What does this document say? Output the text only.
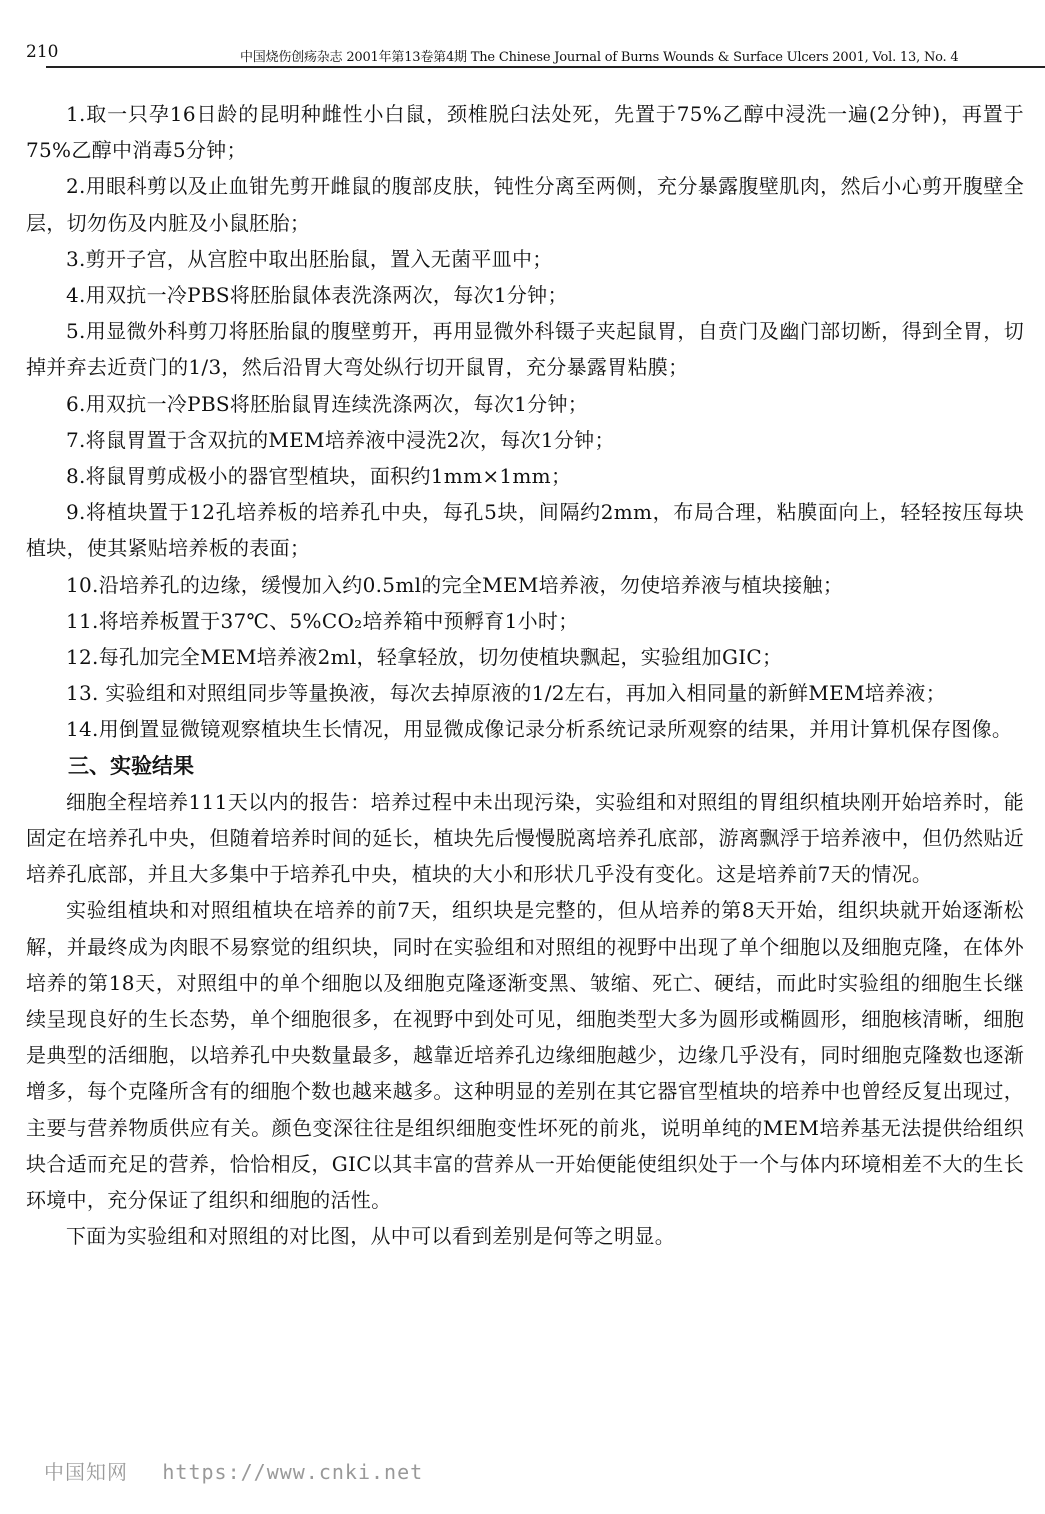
210	中国烧伤创疡杂志 2001年第13卷第4期 The Chinese Journal of Burns Wounds & Surface Ulcers 2001, Vol. 13, No. 4

1.取一只孕16日龄的昆明种雌性小白鼠，颈椎脱臼法处死，先置于75%乙醇中浸洗一遍(2分钟)，再置于75%乙醇中消毒5分钟；

2.用眼科剪以及止血钳先剪开雌鼠的腹部皮肤，钝性分离至两侧，充分暴露腹壁肌肉，然后小心剪开腹壁全层，切勿伤及内脏及小鼠胚胎；

3.剪开子宫，从宫腔中取出胚胎鼠，置入无菌平皿中；

4.用双抗一冷PBS将胚胎鼠体表洗涤两次，每次1分钟；

5.用显微外科剪刀将胚胎鼠的腹壁剪开，再用显微外科镊子夹起鼠胃，自贲门及幽门部切断，得到全胃，切掉并弃去近贲门的1/3，然后沿胃大弯处纵行切开鼠胃，充分暴露胃粘膜；

6.用双抗一冷PBS将胚胎鼠胃连续洗涤两次，每次1分钟；

7.将鼠胃置于含双抗的MEM培养液中浸洗2次，每次1分钟；

8.将鼠胃剪成极小的器官型植块，面积约1mm×1mm；

9.将植块置于12孔培养板的培养孔中央，每孔5块，间隔约2mm，布局合理，粘膜面向上，轻轻按压每块植块，使其紧贴培养板的表面；

10.沿培养孔的边缘，缓慢加入约0.5ml的完全MEM培养液，勿使培养液与植块接触；

11.将培养板置于37℃、5%CO₂培养箱中预孵育1小时；

12.每孔加完全MEM培养液2ml，轻拿轻放，切勿使植块飘起，实验组加GIC；

13. 实验组和对照组同步等量换液，每次去掉原液的1/2左右，再加入相同量的新鲜MEM培养液；

14.用倒置显微镜观察植块生长情况，用显微成像记录分析系统记录所观察的结果，并用计算机保存图像。

三、实验结果

细胞全程培养111天以内的报告：培养过程中未出现污染，实验组和对照组的胃组织植块刚开始培养时，能固定在培养孔中央，但随着培养时间的延长，植块先后慢慢脱离培养孔底部，游离飘浮于培养液中，但仍然贴近培养孔底部，并且大多集中于培养孔中央，植块的大小和形状几乎没有变化。这是培养前7天的情况。

实验组植块和对照组植块在培养的前7天，组织块是完整的，但从培养的第8天开始，组织块就开始逐渐松解，并最终成为肉眼不易察觉的组织块，同时在实验组和对照组的视野中出现了单个细胞以及细胞克隆，在体外培养的第18天，对照组中的单个细胞以及细胞克隆逐渐变黑、皱缩、死亡、硬结，而此时实验组的细胞生长继续呈现良好的生长态势，单个细胞很多，在视野中到处可见，细胞类型大多为圆形或椭圆形，细胞核清晰，细胞是典型的活细胞，以培养孔中央数量最多，越靠近培养孔边缘细胞越少，边缘几乎没有，同时细胞克隆数也逐渐增多，每个克隆所含有的细胞个数也越来越多。这种明显的差别在其它器官型植块的培养中也曾经反复出现过，主要与营养物质供应有关。颜色变深往往是组织细胞变性坏死的前兆，说明单纯的MEM培养基无法提供给组织块合适而充足的营养，恰恰相反，GIC以其丰富的营养从一开始便能使组织处于一个与体内环境相差不大的生长环境中，充分保证了组织和细胞的活性。

下面为实验组和对照组的对比图，从中可以看到差别是何等之明显。

中国知网 https://www.cnki.net
